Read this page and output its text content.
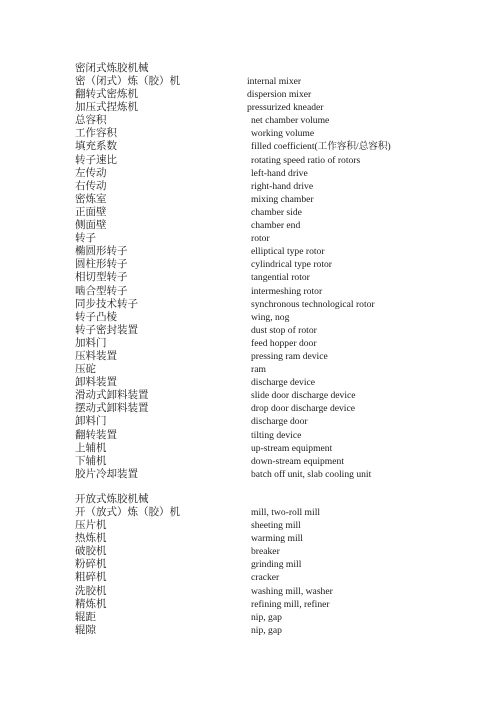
密闭式炼胶机械
密（闭式）炼（胶）机	internal mixer
翻转式密炼机	dispersion mixer
加压式捏炼机	pressurized kneader
总容积	net chamber volume
工作容积	working volume
填充系数	filled coefficient(工作容积/总容积)
转子速比	rotating speed ratio of rotors
左传动	left-hand drive
右传动	right-hand drive
密炼室	mixing chamber
正面壁	chamber side
侧面壁	chamber end
转子	rotor
椭圆形转子	elliptical type rotor
圆柱形转子	cylindrical type rotor
相切型转子	tangential rotor
啮合型转子	intermeshing rotor
同步技术转子	synchronous technological rotor
转子凸棱	wing, nog
转子密封装置	dust stop of rotor
加料门	feed hopper door
压料装置	pressing ram device
压砣	ram
卸料装置	discharge device
滑动式卸料装置	slide door discharge device
摆动式卸料装置	drop door discharge device
卸料门	discharge door
翻转装置	tilting device
上辅机	up-stream equipment
下辅机	down-stream equipment
胶片冷却装置	batch off unit, slab cooling unit
开放式炼胶机械
开（放式）炼（胶）机	mill, two-roll mill
压片机	sheeting mill
热炼机	warming mill
破胶机	breaker
粉碎机	grinding mill
粗碎机	cracker
洗胶机	washing mill, washer
精炼机	refining mill, refiner
辊距	nip, gap
辊隙	nip, gap
